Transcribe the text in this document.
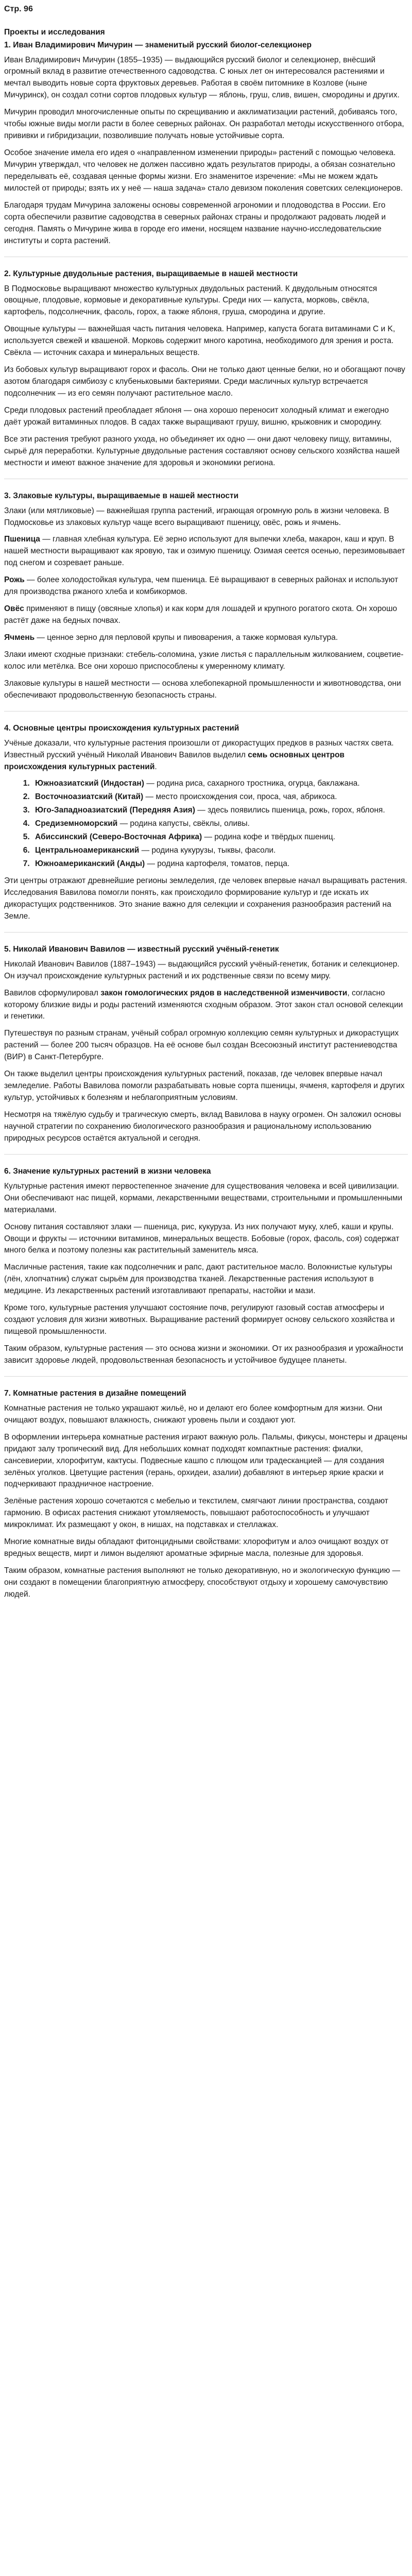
Стр. 96
Проекты и исследования
1. Иван Владимирович Мичурин — знаменитый русский биолог-селекционер

Иван Владимирович Мичурин (1855–1935) — выдающийся русский биолог и селекционер, внёсший огромный вклад в развитие отечественного садоводства. С юных лет он интересовался растениями и мечтал выводить новые сорта фруктовых деревьев. Работая в своём питомнике в Козлове (ныне Мичуринск), он создал сотни сортов плодовых культур — яблонь, груш, слив, вишен, смородины и других.

Мичурин проводил многочисленные опыты по скрещиванию и акклиматизации растений, добиваясь того, чтобы южные виды могли расти в более северных районах. Он разработал методы искусственного отбора, прививки и гибридизации, позволившие получать новые устойчивые сорта.

Особое значение имела его идея о «направленном изменении природы» растений с помощью человека. Мичурин утверждал, что человек не должен пассивно ждать результатов природы, а обязан сознательно переделывать её, создавая ценные формы жизни. Его знаменитое изречение: «Мы не можем ждать милостей от природы; взять их у неё — наша задача» стало девизом поколения советских селекционеров.

Благодаря трудам Мичурина заложены основы современной агрономии и плодоводства в России. Его сорта обеспечили развитие садоводства в северных районах страны и продолжают радовать людей и сегодня. Память о Мичурине жива в городе его имени, носящем название научно-исследовательские институты и сорта растений.

2. Культурные двудольные растения, выращиваемые в нашей местности

В Подмосковье выращивают множество культурных двудольных растений. К двудольным относятся овощные, плодовые, кормовые и декоративные культуры. Среди них — капуста, морковь, свёкла, картофель, подсолнечник, фасоль, горох, а также яблоня, груша, смородина и другие.

Овощные культуры — важнейшая часть питания человека. Например, капуста богата витаминами C и K, используется свежей и квашеной. Морковь содержит много каротина, необходимого для зрения и роста. Свёкла — источник сахара и минеральных веществ.

Из бобовых культур выращивают горох и фасоль. Они не только дают ценные белки, но и обогащают почву азотом благодаря симбиозу с клубеньковыми бактериями. Среди масличных культур встречается подсолнечник — из его семян получают растительное масло.

Среди плодовых растений преобладает яблоня — она хорошо переносит холодный климат и ежегодно даёт урожай витаминных плодов. В садах также выращивают грушу, вишню, крыжовник и смородину.

Все эти растения требуют разного ухода, но объединяет их одно — они дают человеку пищу, витамины, сырьё для переработки. Культурные двудольные растения составляют основу сельского хозяйства нашей местности и имеют важное значение для здоровья и экономики региона.

3. Злаковые культуры, выращиваемые в нашей местности

Злаки (или мятликовые) — важнейшая группа растений, играющая огромную роль в жизни человека. В Подмосковье из злаковых культур чаще всего выращивают пшеницу, овёс, рожь и ячмень.

Пшеница — главная хлебная культура. Её зерно используют для выпечки хлеба, макарон, каш и круп. В нашей местности выращивают как яровую, так и озимую пшеницу. Озимая сеется осенью, перезимовывает под снегом и созревает раньше.

Рожь — более холодостойкая культура, чем пшеница. Её выращивают в северных районах и используют для производства ржаного хлеба и комбикормов.

Овёс применяют в пищу (овсяные хлопья) и как корм для лошадей и крупного рогатого скота. Он хорошо растёт даже на бедных почвах.

Ячмень — ценное зерно для перловой крупы и пивоварения, а также кормовая культура.

Злаки имеют сходные признаки: стебель-соломина, узкие листья с параллельным жилкованием, соцветие-колос или метёлка. Все они хорошо приспособлены к умеренному климату.

Злаковые культуры в нашей местности — основа хлебопекарной промышленности и животноводства, они обеспечивают продовольственную безопасность страны.

4. Основные центры происхождения культурных растений

Учёные доказали, что культурные растения произошли от дикорастущих предков в разных частях света. Известный русский учёный Николай Иванович Вавилов выделил семь основных центров происхождения культурных растений.

1. Южноазиатский (Индостан) — родина риса, сахарного тростника, огурца, баклажана.
2. Восточноазиатский (Китай) — место происхождения сои, проса, чая, абрикоса.
3. Юго-Западноазиатский (Передняя Азия) — здесь появились пшеница, рожь, горох, яблоня.
4. Средиземноморский — родина капусты, свёклы, оливы.
5. Абиссинский (Северо-Восточная Африка) — родина кофе и твёрдых пшениц.
6. Центральноамериканский — родина кукурузы, тыквы, фасоли.
7. Южноамериканский (Анды) — родина картофеля, томатов, перца.

Эти центры отражают древнейшие регионы земледелия, где человек впервые начал выращивать растения. Исследования Вавилова помогли понять, как происходило формирование культур и где искать их дикорастущих родственников. Это знание важно для селекции и сохранения разнообразия растений на Земле.

5. Николай Иванович Вавилов — известный русский учёный-генетик

Николай Иванович Вавилов (1887–1943) — выдающийся русский учёный-генетик, ботаник и селекционер. Он изучал происхождение культурных растений и их родственные связи по всему миру.

Вавилов сформулировал закон гомологических рядов в наследственной изменчивости, согласно которому близкие виды и роды растений изменяются сходным образом. Этот закон стал основой селекции и генетики.

Путешествуя по разным странам, учёный собрал огромную коллекцию семян культурных и дикорастущих растений — более 200 тысяч образцов. На её основе был создан Всесоюзный институт растениеводства (ВИР) в Санкт-Петербурге.

Он также выделил центры происхождения культурных растений, показав, где человек впервые начал земледелие. Работы Вавилова помогли разрабатывать новые сорта пшеницы, ячменя, картофеля и других культур, устойчивых к болезням и неблагоприятным условиям.

Несмотря на тяжёлую судьбу и трагическую смерть, вклад Вавилова в науку огромен. Он заложил основы научной стратегии по сохранению биологического разнообразия и рациональному использованию природных ресурсов остаётся актуальной и сегодня.

6. Значение культурных растений в жизни человека

Культурные растения имеют первостепенное значение для существования человека и всей цивилизации. Они обеспечивают нас пищей, кормами, лекарственными веществами, строительными и промышленными материалами.

Основу питания составляют злаки — пшеница, рис, кукуруза. Из них получают муку, хлеб, каши и крупы. Овощи и фрукты — источники витаминов, минеральных веществ. Бобовые (горох, фасоль, соя) содержат много белка и поэтому полезны как растительный заменитель мяса.

Масличные растения, такие как подсолнечник и рапс, дают растительное масло. Волокнистые культуры (лён, хлопчатник) служат сырьём для производства тканей. Лекарственные растения используют в медицине. Из лекарственных растений изготавливают препараты, настойки и мази.

Кроме того, культурные растения улучшают состояние почв, регулируют газовый состав атмосферы и создают условия для жизни животных. Выращивание растений формирует основу сельского хозяйства и пищевой промышленности.

Таким образом, культурные растения — это основа жизни и экономики. От их разнообразия и урожайности зависит здоровье людей, продовольственная безопасность и устойчивое будущее планеты.

7. Комнатные растения в дизайне помещений

Комнатные растения не только украшают жильё, но и делают его более комфортным для жизни. Они очищают воздух, повышают влажность, снижают уровень пыли и создают уют.

В оформлении интерьера комнатные растения играют важную роль. Пальмы, фикусы, монстеры и драцены придают залу тропический вид. Для небольших комнат подходят компактные растения: фиалки, сансевиерии, хлорофитум, кактусы. Подвесные кашпо с плющом или традесканцией — для создания зелёных уголков. Цветущие растения (герань, орхидеи, азалии) добавляют в интерьер яркие краски и подчеркивают праздничное настроение.

Зелёные растения хорошо сочетаются с мебелью и текстилем, смягчают линии пространства, создают гармонию. В офисах растения снижают утомляемость, повышают работоспособность и улучшают микроклимат. Их размещают у окон, в нишах, на подставках и стеллажах.

Многие комнатные виды обладают фитонцидными свойствами: хлорофитум и алоэ очищают воздух от вредных веществ, мирт и лимон выделяют ароматные эфирные масла, полезные для здоровья.

Таким образом, комнатные растения выполняют не только декоративную, но и экологическую функцию — они создают в помещении благоприятную атмосферу, способствуют отдыху и хорошему самочувствию людей.
